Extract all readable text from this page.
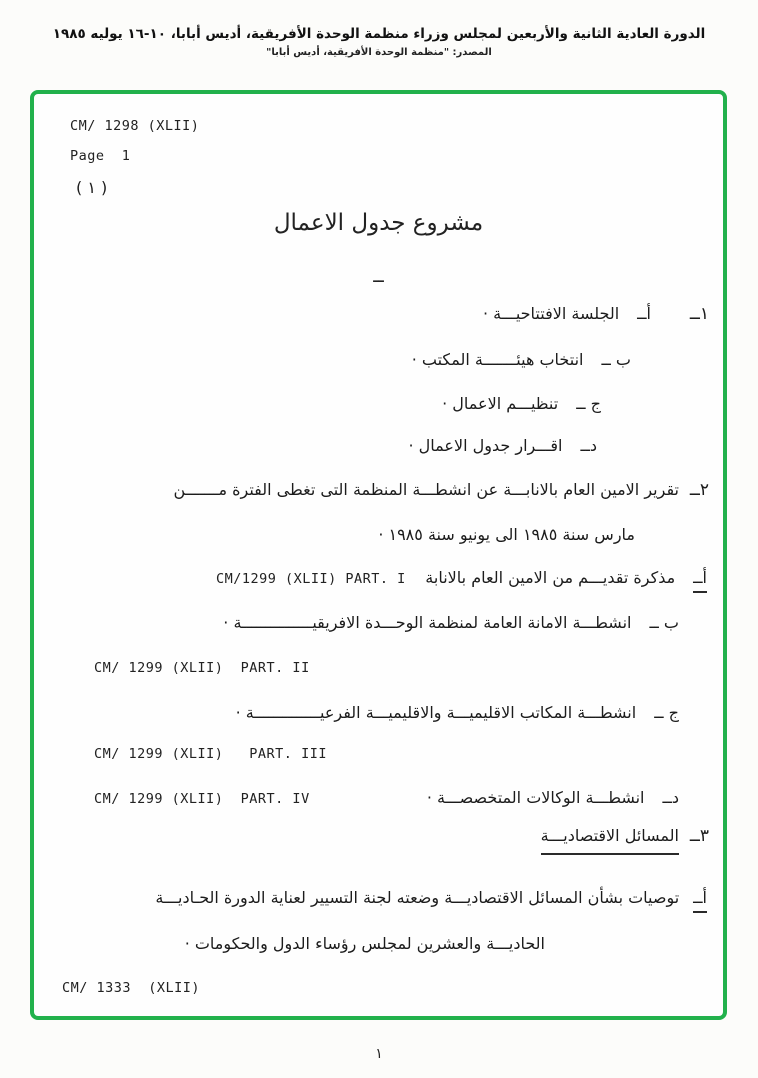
الدورة العادية الثانية والأربعين لمجلس وزراء منظمة الوحدة الأفريقية، أديس أبابا، ١٠-١٦ يوليه ١٩٨٥
المصدر: "منظمة الوحدة الأفريقية، أديس أبابا"
CM/ 1298 (XLII)
Page  1
( ١ )
مشروع جدول الاعمال
ــ
١ــ
أــالجلسة الافتتاحيـــة ·
ب ــانتخاب هيئـــــــة المكتب ·
ج ــتنظيـــم الاعمال ·
دــاقـــرار جدول الاعمال ·
٢ــ
تقرير الامين العام بالانابـــة عن انشطـــة المنظمة التى تغطى الفترة مـــــــن
مارس سنة ١٩٨٥ الى يونيو سنة ١٩٨٥ ·
أــمذكرة تقديـــم من الامين العام بالانابة
CM/1299 (XLII) PART. I
ب ــانشطـــة الامانة العامة لمنظمة الوحـــدة الافريقيـــــــــــــــة ·
CM/ 1299 (XLII)  PART. II
ج ــانشطـــة المكاتب الاقليميـــة والاقليميـــة الفرعيــــــــــــــة ·
CM/ 1299 (XLII)   PART. III
دــانشطـــة الوكالات المتخصصـــة ·
CM/ 1299 (XLII)  PART. IV
٣ــ
المسائل الاقتصاديـــة
أــتوصيات بشأن المسائل الاقتصاديـــة وضعته لجنة التسيير لعناية الدورة الحـاديـــة
الحاديـــة والعشرين لمجلس رؤساء الدول والحكومات ·
CM/ 1333  (XLII)
١
